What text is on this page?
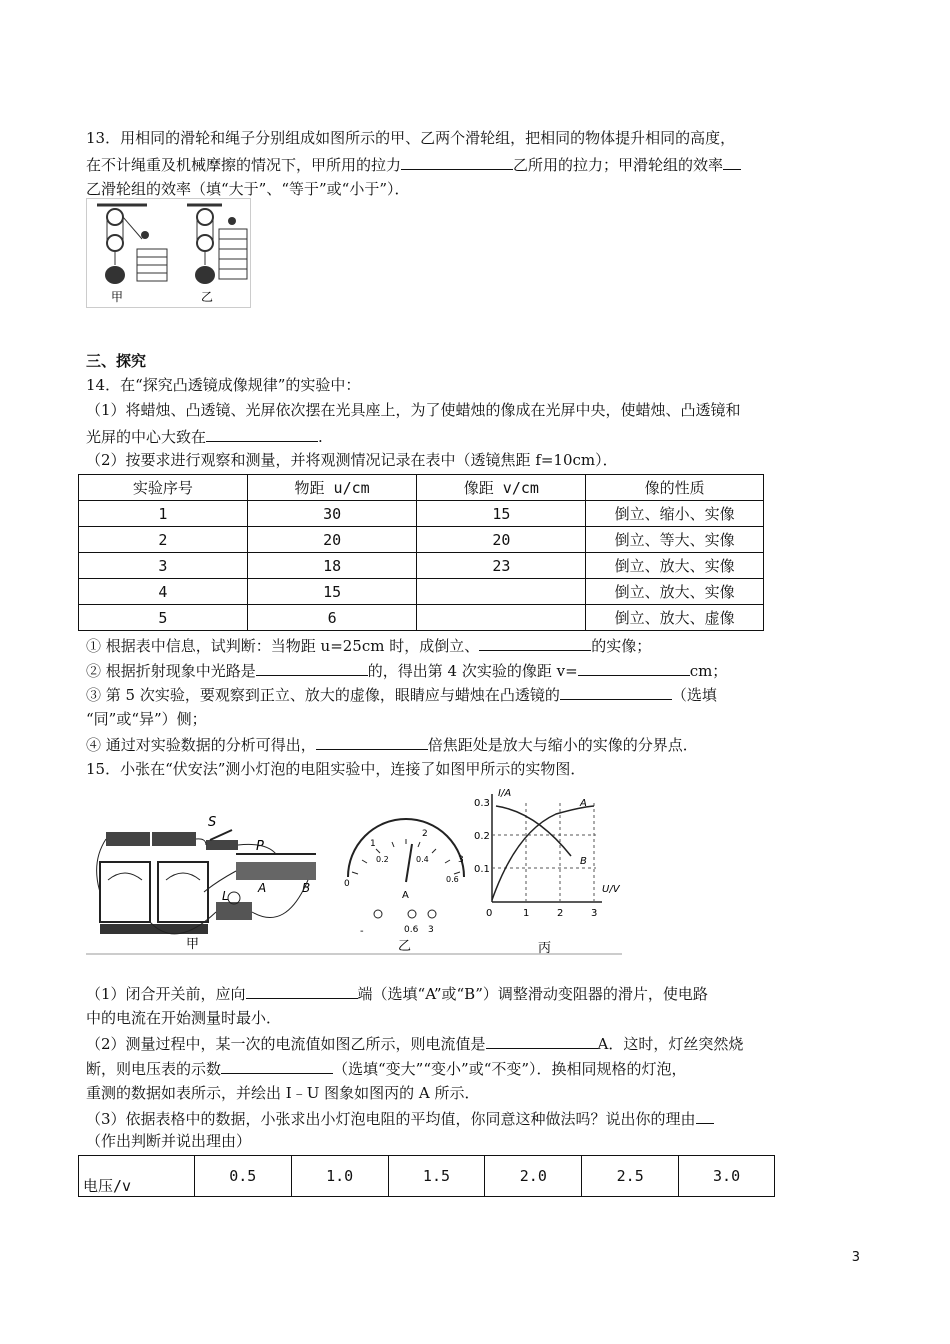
13．用相同的滑轮和绳子分别组成如图所示的甲、乙两个滑轮组，把相同的物体提升相同的高度，
在不计绳重及机械摩擦的情况下，甲所用的拉力	乙所用的拉力；甲滑轮组的效率
乙滑轮组的效率（填“大于”、“等于”或“小于”）．
甲	乙
三、探究
14．在“探究凸透镜成像规律”的实验中：
（1）将蜡烛、凸透镜、光屏依次摆在光具座上，为了使蜡烛的像成在光屏中央，使蜡烛、凸透镜和
光屏的中心大致在	.
（2）按要求进行观察和测量，并将观测情况记录在表中（透镜焦距 f=10cm）．
实验序号	物距 u/cm	像距 v/cm	像的性质
1	30	15	倒立、缩小、实像
2	20	20	倒立、等大、实像
3	18	23	倒立、放大、实像
4	15		倒立、放大、实像
5	6		倒立、放大、虚像
① 根据表中信息，试判断：当物距 u=25cm 时，成倒立、	的实像；
② 根据折射现象中光路是	的，得出第 4 次实验的像距 v=	cm；
③ 第 5 次实验，要观察到正立、放大的虚像，眼睛应与蜡烛在凸透镜的	（选填
“同”或“异”）侧；
④ 通过对实验数据的分析可得出，	倍焦距处是放大与缩小的实像的分界点．
15．小张在“伏安法”测小灯泡的电阻实验中，连接了如图甲所示的实物图．
S
P
A	B
L
甲
0
1
2
3
0.2	0.4
0.6
A
-	0.6 3
乙
I/A
U/V
0.3
0.2
0.1
0	1	2	3
A
B
丙
（1）闭合开关前，应向	端（选填“A”或“B”）调整滑动变阻器的滑片，使电路
中的电流在开始测量时最小．
（2）测量过程中，某一次的电流值如图乙所示，则电流值是	A．这时，灯丝突然烧
断，则电压表的示数	（选填“变大”“变小”或“不变”）．换相同规格的灯泡，
重测的数据如表所示，并绘出 I﹣U 图象如图丙的 A 所示．
（3）依据表格中的数据，小张求出小灯泡电阻的平均值，你同意这种做法吗？说出你的理由
（作出判断并说出理由）
电压/v	0.5	1.0	1.5	2.0	2.5	3.0
3
